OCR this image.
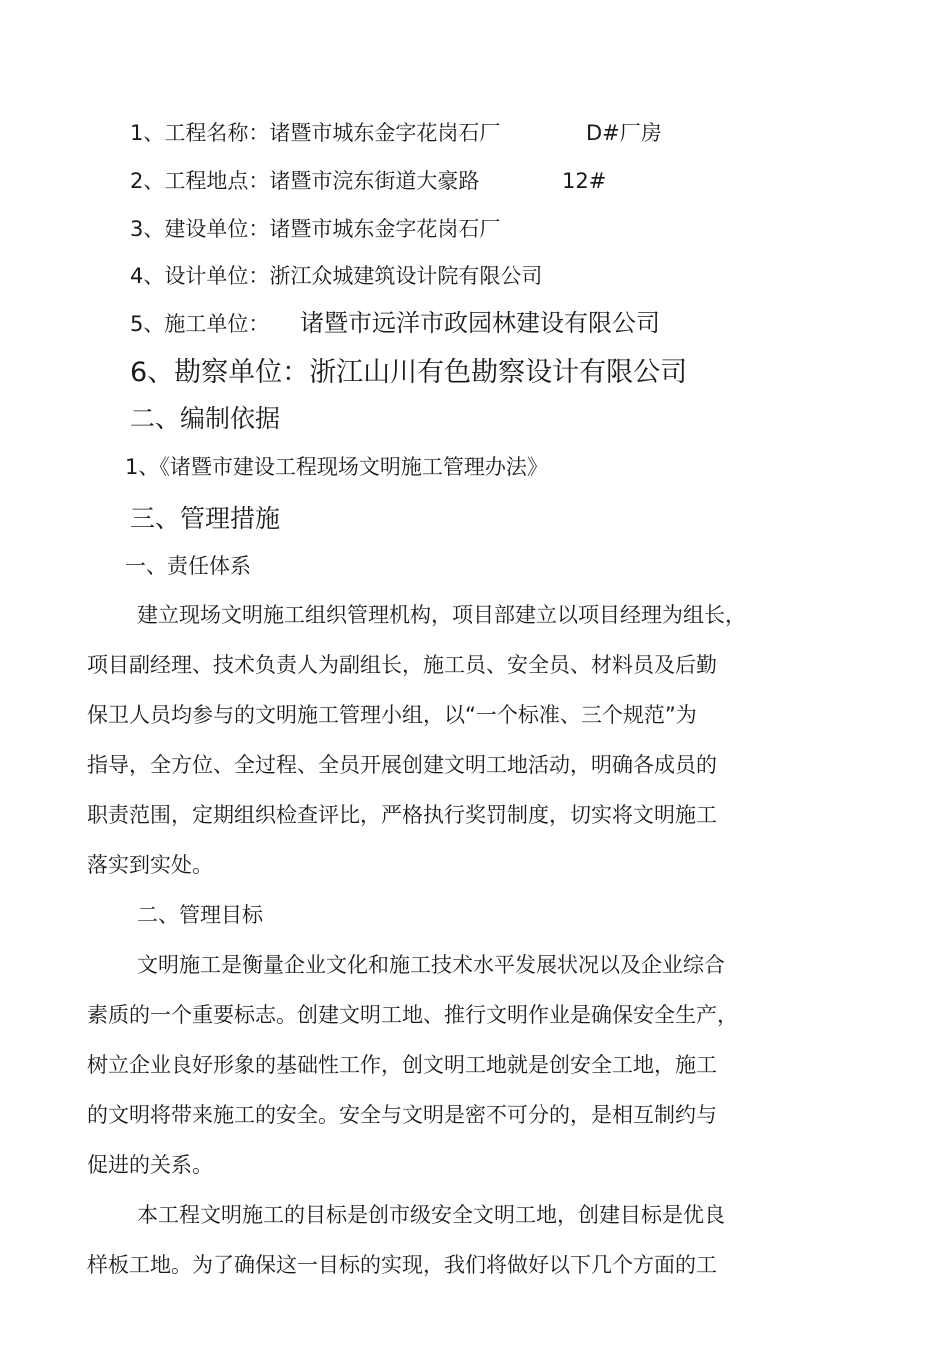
1、工程名称：诸暨市城东金字花岗石厂	D#厂房
2、工程地点：诸暨市浣东街道大豪路	12#
3、建设单位：诸暨市城东金字花岗石厂
4、设计单位：浙江众城建筑设计院有限公司
5、施工单位： 诸暨市远洋市政园林建设有限公司
6、勘察单位：浙江山川有色勘察设计有限公司
二、编制依据
1、《诸暨市建设工程现场文明施工管理办法》
三、管理措施
一、责任体系
建立现场文明施工组织管理机构，项目部建立以项目经理为组长，
项目副经理、技术负责人为副组长，施工员、安全员、材料员及后勤
保卫人员均参与的文明施工管理小组，以“一个标准、三个规范”为
指导，全方位、全过程、全员开展创建文明工地活动，明确各成员的
职责范围，定期组织检查评比，严格执行奖罚制度，切实将文明施工
落实到实处。
二、管理目标
文明施工是衡量企业文化和施工技术水平发展状况以及企业综合
素质的一个重要标志。创建文明工地、推行文明作业是确保安全生产，
树立企业良好形象的基础性工作，创文明工地就是创安全工地，施工
的文明将带来施工的安全。安全与文明是密不可分的，是相互制约与
促进的关系。
本工程文明施工的目标是创市级安全文明工地，创建目标是优良
样板工地。为了确保这一目标的实现，我们将做好以下几个方面的工
